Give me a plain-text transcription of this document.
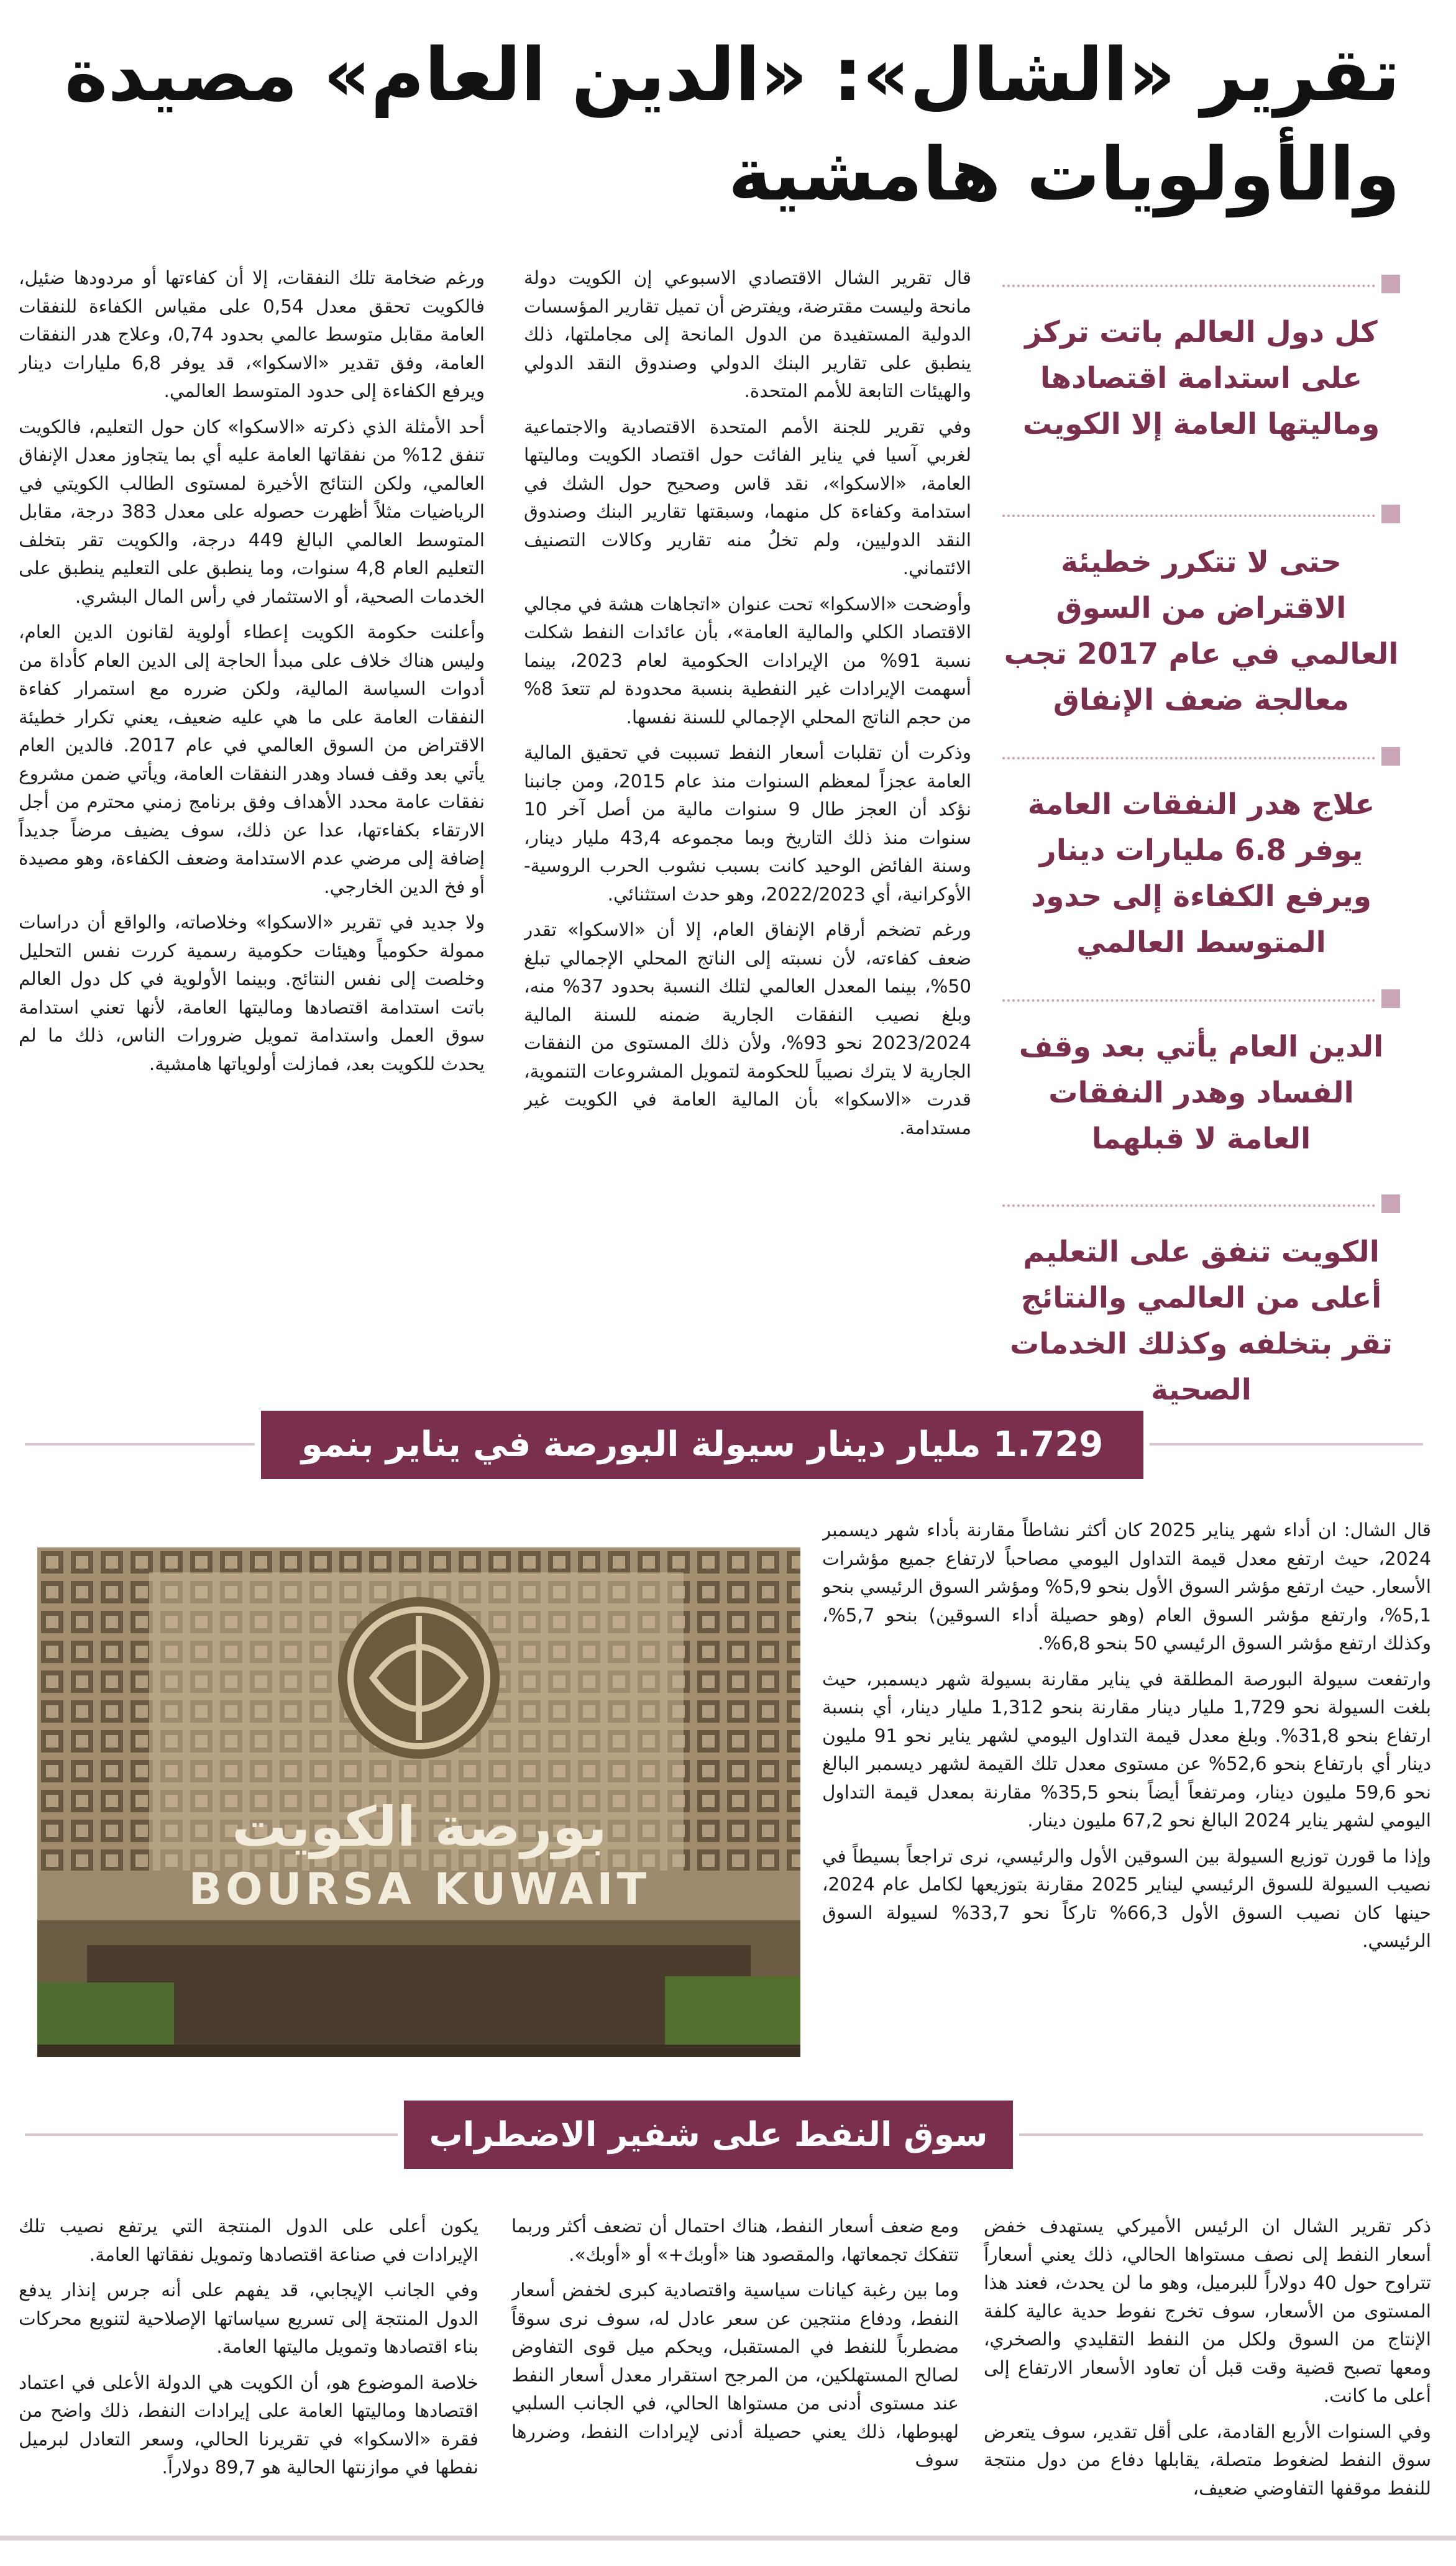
تقرير «الشال»: «الدين العام» مصيدة
والأولويات هامشية
كل دول العالم باتت تركز على استدامة اقتصادها وماليتها العامة إلا الكويت
حتى لا تتكرر خطيئة الاقتراض من السوق العالمي في عام 2017 تجب معالجة ضعف الإنفاق
علاج هدر النفقات العامة يوفر 6.8 مليارات دينار ويرفع الكفاءة إلى حدود المتوسط العالمي
الدين العام يأتي بعد وقف الفساد وهدر النفقات العامة لا قبلهما
الكويت تنفق على التعليم أعلى من العالمي والنتائج تقر بتخلفه وكذلك الخدمات الصحية

قال تقرير الشال الاقتصادي الاسبوعي إن الكويت دولة مانحة وليست مقترضة، ويفترض أن تميل تقارير المؤسسات الدولية المستفيدة من الدول المانحة إلى مجاملتها، ذلك ينطبق على تقارير البنك الدولي وصندوق النقد الدولي والهيئات التابعة للأمم المتحدة.

وفي تقرير للجنة الأمم المتحدة الاقتصادية والاجتماعية لغربي آسيا في يناير الفائت حول اقتصاد الكويت وماليتها العامة، «الاسكوا»، نقد قاس وصحيح حول الشك في استدامة وكفاءة كل منهما، وسبقتها تقارير البنك وصندوق النقد الدوليين، ولم تخلُ منه تقارير وكالات التصنيف الائتماني.

وأوضحت «الاسكوا» تحت عنوان «اتجاهات هشة في مجالي الاقتصاد الكلي والمالية العامة»، بأن عائدات النفط شكلت نسبة 91% من الإيرادات الحكومية لعام 2023، بينما أسهمت الإيرادات غير النفطية بنسبة محدودة لم تتعدَ 8% من حجم الناتج المحلي الإجمالي للسنة نفسها.

وذكرت أن تقلبات أسعار النفط تسببت في تحقيق المالية العامة عجزاً لمعظم السنوات منذ عام 2015، ومن جانبنا نؤكد أن العجز طال 9 سنوات مالية من أصل آخر 10 سنوات منذ ذلك التاريخ وبما مجموعه 43,4 مليار دينار، وسنة الفائض الوحيد كانت بسبب نشوب الحرب الروسية-الأوكرانية، أي 2022/2023، وهو حدث استثنائي.

ورغم تضخم أرقام الإنفاق العام، إلا أن «الاسكوا» تقدر ضعف كفاءته، لأن نسبته إلى الناتج المحلي الإجمالي تبلغ 50%، بينما المعدل العالمي لتلك النسبة بحدود 37% منه، وبلغ نصيب النفقات الجارية ضمنه للسنة المالية 2023/2024 نحو 93%، ولأن ذلك المستوى من النفقات الجارية لا يترك نصيباً للحكومة لتمويل المشروعات التنموية، قدرت «الاسكوا» بأن المالية العامة في الكويت غير مستدامة.

ورغم ضخامة تلك النفقات، إلا أن كفاءتها أو مردودها ضئيل، فالكويت تحقق معدل 0,54 على مقياس الكفاءة للنفقات العامة مقابل متوسط عالمي بحدود 0,74، وعلاج هدر النفقات العامة، وفق تقدير «الاسكوا»، قد يوفر 6,8 مليارات دينار ويرفع الكفاءة إلى حدود المتوسط العالمي.

أحد الأمثلة الذي ذكرته «الاسكوا» كان حول التعليم، فالكويت تنفق 12% من نفقاتها العامة عليه أي بما يتجاوز معدل الإنفاق العالمي، ولكن النتائج الأخيرة لمستوى الطالب الكويتي في الرياضيات مثلاً أظهرت حصوله على معدل 383 درجة، مقابل المتوسط العالمي البالغ 449 درجة، والكويت تقر بتخلف التعليم العام 4,8 سنوات، وما ينطبق على التعليم ينطبق على الخدمات الصحية، أو الاستثمار في رأس المال البشري.

وأعلنت حكومة الكويت إعطاء أولوية لقانون الدين العام، وليس هناك خلاف على مبدأ الحاجة إلى الدين العام كأداة من أدوات السياسة المالية، ولكن ضرره مع استمرار كفاءة النفقات العامة على ما هي عليه ضعيف، يعني تكرار خطيئة الاقتراض من السوق العالمي في عام 2017. فالدين العام يأتي بعد وقف فساد وهدر النفقات العامة، ويأتي ضمن مشروع نفقات عامة محدد الأهداف وفق برنامج زمني محترم من أجل الارتقاء بكفاءتها، عدا عن ذلك، سوف يضيف مرضاً جديداً إضافة إلى مرضي عدم الاستدامة وضعف الكفاءة، وهو مصيدة أو فخ الدين الخارجي.

ولا جديد في تقرير «الاسكوا» وخلاصاته، والواقع أن دراسات ممولة حكومياً وهيئات حكومية رسمية كررت نفس التحليل وخلصت إلى نفس النتائج. وبينما الأولوية في كل دول العالم باتت استدامة اقتصادها وماليتها العامة، لأنها تعني استدامة سوق العمل واستدامة تمويل ضرورات الناس، ذلك ما لم يحدث للكويت بعد، فمازلت أولوياتها هامشية.

1.729 مليار دينار سيولة البورصة في يناير بنمو 31.8%	قال الشال: ان أداء شهر يناير 2025 كان أكثر نشاطاً مقارنة بأداء شهر ديسمبر 2024، حيث ارتفع معدل قيمة التداول اليومي مصاحباً لارتفاع جميع مؤشرات الأسعار. حيث ارتفع مؤشر السوق الأول بنحو 5,9% ومؤشر السوق الرئيسي بنحو 5,1%، وارتفع مؤشر السوق العام (وهو حصيلة أداء السوقين) بنحو 5,7%، وكذلك ارتفع مؤشر السوق الرئيسي 50 بنحو 6,8%.

وارتفعت سيولة البورصة المطلقة في يناير مقارنة بسيولة شهر ديسمبر، حيث بلغت السيولة نحو 1,729 مليار دينار مقارنة بنحو 1,312 مليار دينار، أي بنسبة ارتفاع بنحو 31,8%. وبلغ معدل قيمة التداول اليومي لشهر يناير نحو 91 مليون دينار أي بارتفاع بنحو 52,6% عن مستوى معدل تلك القيمة لشهر ديسمبر البالغ نحو 59,6 مليون دينار، ومرتفعاً أيضاً بنحو 35,5% مقارنة بمعدل قيمة التداول اليومي لشهر يناير 2024 البالغ نحو 67,2 مليون دينار.

وإذا ما قورن توزيع السيولة بين السوقين الأول والرئيسي، نرى تراجعاً بسيطاً في نصيب السيولة للسوق الرئيسي ليناير 2025 مقارنة بتوزيعها لكامل عام 2024، حينها كان نصيب السوق الأول 66,3% تاركاً نحو 33,7% لسيولة السوق الرئيسي.

بورصة الكويت
BOURSA KUWAIT
سوق النفط على شفير الاضطراب

ذكر تقرير الشال ان الرئيس الأميركي يستهدف خفض أسعار النفط إلى نصف مستواها الحالي، ذلك يعني أسعاراً تتراوح حول 40 دولاراً للبرميل، وهو ما لن يحدث، فعند هذا المستوى من الأسعار، سوف تخرج نفوط حدية عالية كلفة الإنتاج من السوق ولكل من النفط التقليدي والصخري، ومعها تصبح قضية وقت قبل أن تعاود الأسعار الارتفاع إلى أعلى ما كانت.

وفي السنوات الأربع القادمة، على أقل تقدير، سوف يتعرض سوق النفط لضغوط متصلة، يقابلها دفاع من دول منتجة للنفط موقفها التفاوضي ضعيف،

ومع ضعف أسعار النفط، هناك احتمال أن تضعف أكثر وربما تتفكك تجمعاتها، والمقصود هنا «أوبك+» أو «أوبك».

وما بين رغبة كيانات سياسية واقتصادية كبرى لخفض أسعار النفط، ودفاع منتجين عن سعر عادل له، سوف نرى سوقاً مضطرباً للنفط في المستقبل، ويحكم ميل قوى التفاوض لصالح المستهلكين، من المرجح استقرار معدل أسعار النفط عند مستوى أدنى من مستواها الحالي، في الجانب السلبي لهبوطها، ذلك يعني حصيلة أدنى لإيرادات النفط، وضررها سوف

يكون أعلى على الدول المنتجة التي يرتفع نصيب تلك الإيرادات في صناعة اقتصادها وتمويل نفقاتها العامة.

وفي الجانب الإيجابي، قد يفهم على أنه جرس إنذار يدفع الدول المنتجة إلى تسريع سياساتها الإصلاحية لتنويع محركات بناء اقتصادها وتمويل ماليتها العامة.

خلاصة الموضوع هو، أن الكويت هي الدولة الأعلى في اعتماد اقتصادها وماليتها العامة على إيرادات النفط، ذلك واضح من فقرة «الاسكوا» في تقريرنا الحالي، وسعر التعادل لبرميل نفطها في موازنتها الحالية هو 89,7 دولاراً.
